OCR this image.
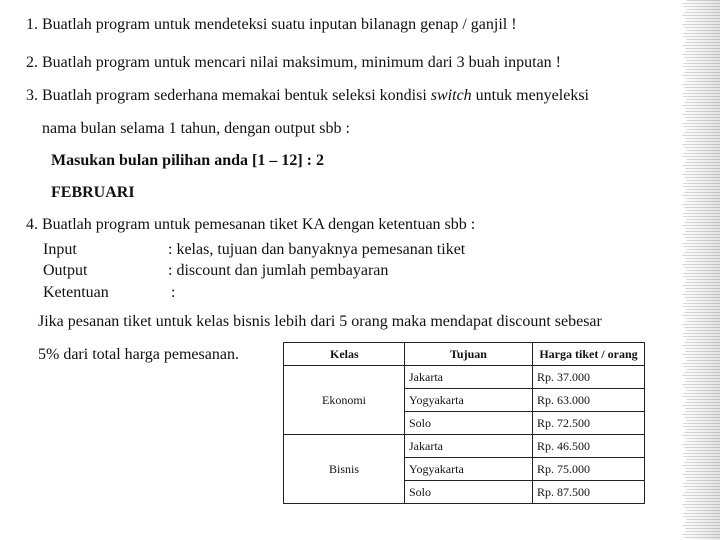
1. Buatlah program untuk mendeteksi suatu inputan bilanagn genap / ganjil !
2. Buatlah program untuk mencari nilai maksimum, minimum dari 3 buah inputan !
3. Buatlah program sederhana memakai bentuk seleksi kondisi switch untuk menyeleksi
nama bulan selama 1 tahun, dengan output sbb :
Masukan bulan pilihan anda [1 – 12] : 2
FEBRUARI
4. Buatlah program untuk pemesanan tiket KA dengan ketentuan sbb :
Input	: kelas, tujuan dan banyaknya pemesanan tiket
Output	: discount dan jumlah pembayaran
Ketentuan	:
Jika pesanan tiket untuk kelas bisnis lebih dari 5 orang maka mendapat discount sebesar
5% dari total harga pemesanan.	Kelas	Tujuan	Harga tiket / orang
Ekonomi	Jakarta	Rp. 37.000
	Yogyakarta	Rp. 63.000
	Solo	Rp. 72.500
Bisnis	Jakarta	Rp. 46.500
	Yogyakarta	Rp. 75.000
	Solo	Rp. 87.500
